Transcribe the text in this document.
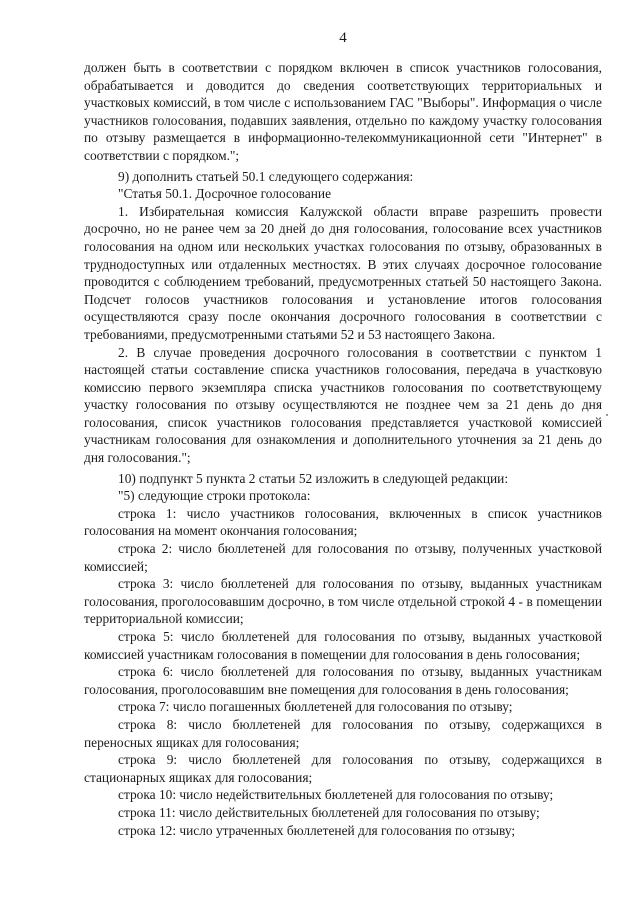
4

должен быть в соответствии с порядком включен в список участников голосования, обрабатывается и доводится до сведения соответствующих территориальных и участковых комиссий, в том числе с использованием ГАС "Выборы". Информация о числе участников голосования, подавших заявления, отдельно по каждому участку голосования по отзыву размещается в информационно-телекоммуникационной сети "Интернет" в соответствии с порядком.";

9) дополнить статьей 50.1 следующего содержания:

"Статья 50.1. Досрочное голосование

1. Избирательная комиссия Калужской области вправе разрешить провести досрочно, но не ранее чем за 20 дней до дня голосования, голосование всех участников голосования на одном или нескольких участках голосования по отзыву, образованных в труднодоступных или отдаленных местностях. В этих случаях досрочное голосование проводится с соблюдением требований, предусмотренных статьей 50 настоящего Закона. Подсчет голосов участников голосования и установление итогов голосования осуществляются сразу после окончания досрочного голосования в соответствии с требованиями, предусмотренными статьями 52 и 53 настоящего Закона.

2. В случае проведения досрочного голосования в соответствии с пунктом 1 настоящей статьи составление списка участников голосования, передача в участковую комиссию первого экземпляра списка участников голосования по соответствующему участку голосования по отзыву осуществляются не позднее чем за 21 день до дня голосования, список участников голосования представляется участковой комиссией участникам голосования для ознакомления и дополнительного уточнения за 21 день до дня голосования.";

10) подпункт 5 пункта 2 статьи 52 изложить в следующей редакции:

"5) следующие строки протокола:

строка 1: число участников голосования, включенных в список участников голосования на момент окончания голосования;

строка 2: число бюллетеней для голосования по отзыву, полученных участковой комиссией;

строка 3: число бюллетеней для голосования по отзыву, выданных участникам голосования, проголосовавшим досрочно, в том числе отдельной строкой 4 - в помещении территориальной комиссии;

строка 5: число бюллетеней для голосования по отзыву, выданных участковой комиссией участникам голосования в помещении для голосования в день голосования;

строка 6: число бюллетеней для голосования по отзыву, выданных участникам голосования, проголосовавшим вне помещения для голосования в день голосования;

строка 7: число погашенных бюллетеней для голосования по отзыву;

строка 8: число бюллетеней для голосования по отзыву, содержащихся в переносных ящиках для голосования;

строка 9: число бюллетеней для голосования по отзыву, содержащихся в стационарных ящиках для голосования;

строка 10: число недействительных бюллетеней для голосования по отзыву;

строка 11: число действительных бюллетеней для голосования по отзыву;

строка 12: число утраченных бюллетеней для голосования по отзыву;
